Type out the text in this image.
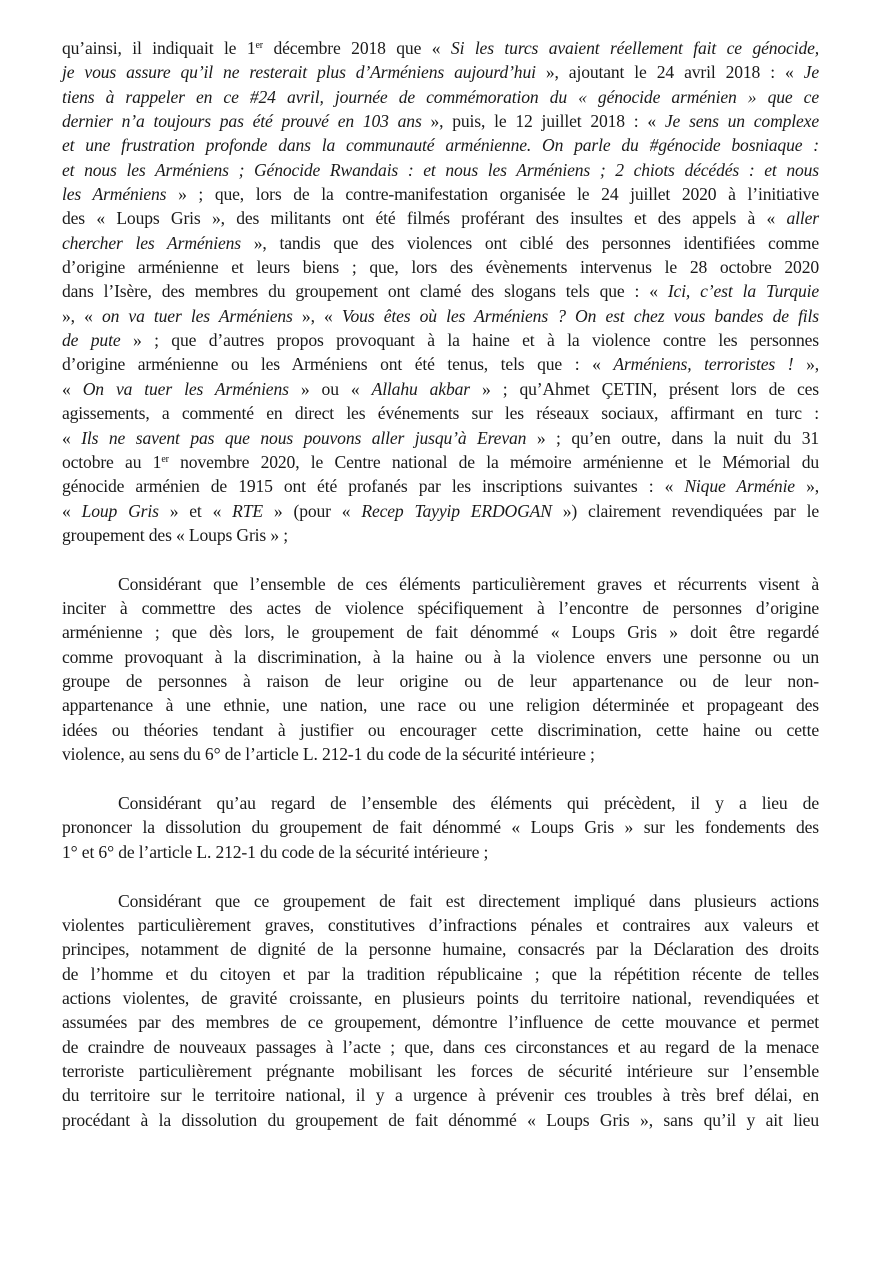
qu’ainsi, il indiquait le 1er décembre 2018 que « Si les turcs avaient réellement fait ce génocide,
je vous assure qu’il ne resterait plus d’Arméniens aujourd’hui », ajoutant le 24 avril 2018 : « Je
tiens à rappeler en ce #24 avril, journée de commémoration du « génocide arménien » que ce
dernier n’a toujours pas été prouvé en 103 ans », puis, le 12 juillet 2018 : « Je sens un complexe
et une frustration profonde dans la communauté arménienne. On parle du #génocide bosniaque :
et nous les Arméniens ; Génocide Rwandais : et nous les Arméniens ; 2 chiots décédés : et nous
les Arméniens » ; que, lors de la contre-manifestation organisée le 24 juillet 2020 à l’initiative
des « Loups Gris », des militants ont été filmés proférant des insultes et des appels à « aller
chercher les Arméniens », tandis que des violences ont ciblé des personnes identifiées comme
d’origine arménienne et leurs biens ; que, lors des évènements intervenus le 28 octobre 2020
dans l’Isère, des membres du groupement ont clamé des slogans tels que : « Ici, c’est la Turquie
», « on va tuer les Arméniens », « Vous êtes où les Arméniens ? On est chez vous bandes de fils
de pute » ; que d’autres propos provoquant à la haine et à la violence contre les personnes
d’origine arménienne ou les Arméniens ont été tenus, tels que : « Arméniens, terroristes ! »,
« On va tuer les Arméniens » ou « Allahu akbar » ; qu’Ahmet ÇETIN, présent lors de ces
agissements, a commenté en direct les événements sur les réseaux sociaux, affirmant en turc :
« Ils ne savent pas que nous pouvons aller jusqu’à Erevan » ; qu’en outre, dans la nuit du 31
octobre au 1er novembre 2020, le Centre national de la mémoire arménienne et le Mémorial du
génocide arménien de 1915 ont été profanés par les inscriptions suivantes : « Nique Arménie »,
« Loup Gris » et « RTE » (pour « Recep Tayyip ERDOGAN ») clairement revendiquées par le
groupement des « Loups Gris » ;
Considérant que l’ensemble de ces éléments particulièrement graves et récurrents visent à
inciter à commettre des actes de violence spécifiquement à l’encontre de personnes d’origine
arménienne ; que dès lors, le groupement de fait dénommé « Loups Gris » doit être regardé
comme provoquant à la discrimination, à la haine ou à la violence envers une personne ou un
groupe de personnes à raison de leur origine ou de leur appartenance ou de leur non-
appartenance à une ethnie, une nation, une race ou une religion déterminée et propageant des
idées ou théories tendant à justifier ou encourager cette discrimination, cette haine ou cette
violence, au sens du 6° de l’article L. 212-1 du code de la sécurité intérieure ;
Considérant qu’au regard de l’ensemble des éléments qui précèdent, il y a lieu de
prononcer la dissolution du groupement de fait dénommé « Loups Gris » sur les fondements des
1° et 6° de l’article L. 212-1 du code de la sécurité intérieure ;
Considérant que ce groupement de fait est directement impliqué dans plusieurs actions
violentes particulièrement graves, constitutives d’infractions pénales et contraires aux valeurs et
principes, notamment de dignité de la personne humaine, consacrés par la Déclaration des droits
de l’homme et du citoyen et par la tradition républicaine ; que la répétition récente de telles
actions violentes, de gravité croissante, en plusieurs points du territoire national, revendiquées et
assumées par des membres de ce groupement, démontre l’influence de cette mouvance et permet
de craindre de nouveaux passages à l’acte ; que, dans ces circonstances et au regard de la menace
terroriste particulièrement prégnante mobilisant les forces de sécurité intérieure sur l’ensemble
du territoire sur le territoire national, il y a urgence à prévenir ces troubles à très bref délai, en
procédant à la dissolution du groupement de fait dénommé « Loups Gris », sans qu’il y ait lieu
